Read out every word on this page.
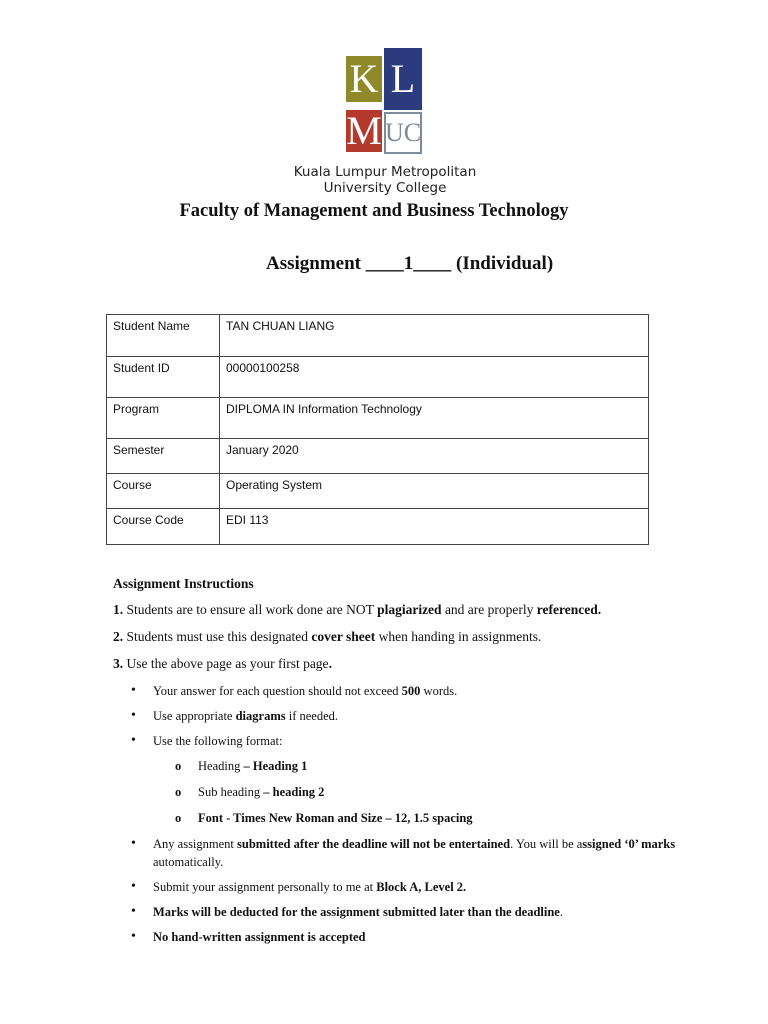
K L
M U C
Kuala Lumpur Metropolitan
University College
Faculty of Management and Business Technology
Assignment ____1____ (Individual)
Student Name	TAN CHUAN LIANG
Student ID	00000100258
Program	DIPLOMA IN Information Technology
Semester	January 2020
Course	Operating System
Course Code	EDI 113
Assignment Instructions
1. Students are to ensure all work done are NOT plagiarized and are properly referenced.
2. Students must use this designated cover sheet when handing in assignments.
3. Use the above page as your first page.
• Your answer for each question should not exceed 500 words.
• Use appropriate diagrams if needed.
• Use the following format:
o Heading – Heading 1
o Sub heading – heading 2
o Font - Times New Roman and Size – 12, 1.5 spacing
• Any assignment submitted after the deadline will not be entertained. You will be assigned ‘0’ marks automatically.
• Submit your assignment personally to me at Block A, Level 2.
• Marks will be deducted for the assignment submitted later than the deadline.
• No hand-written assignment is accepted
